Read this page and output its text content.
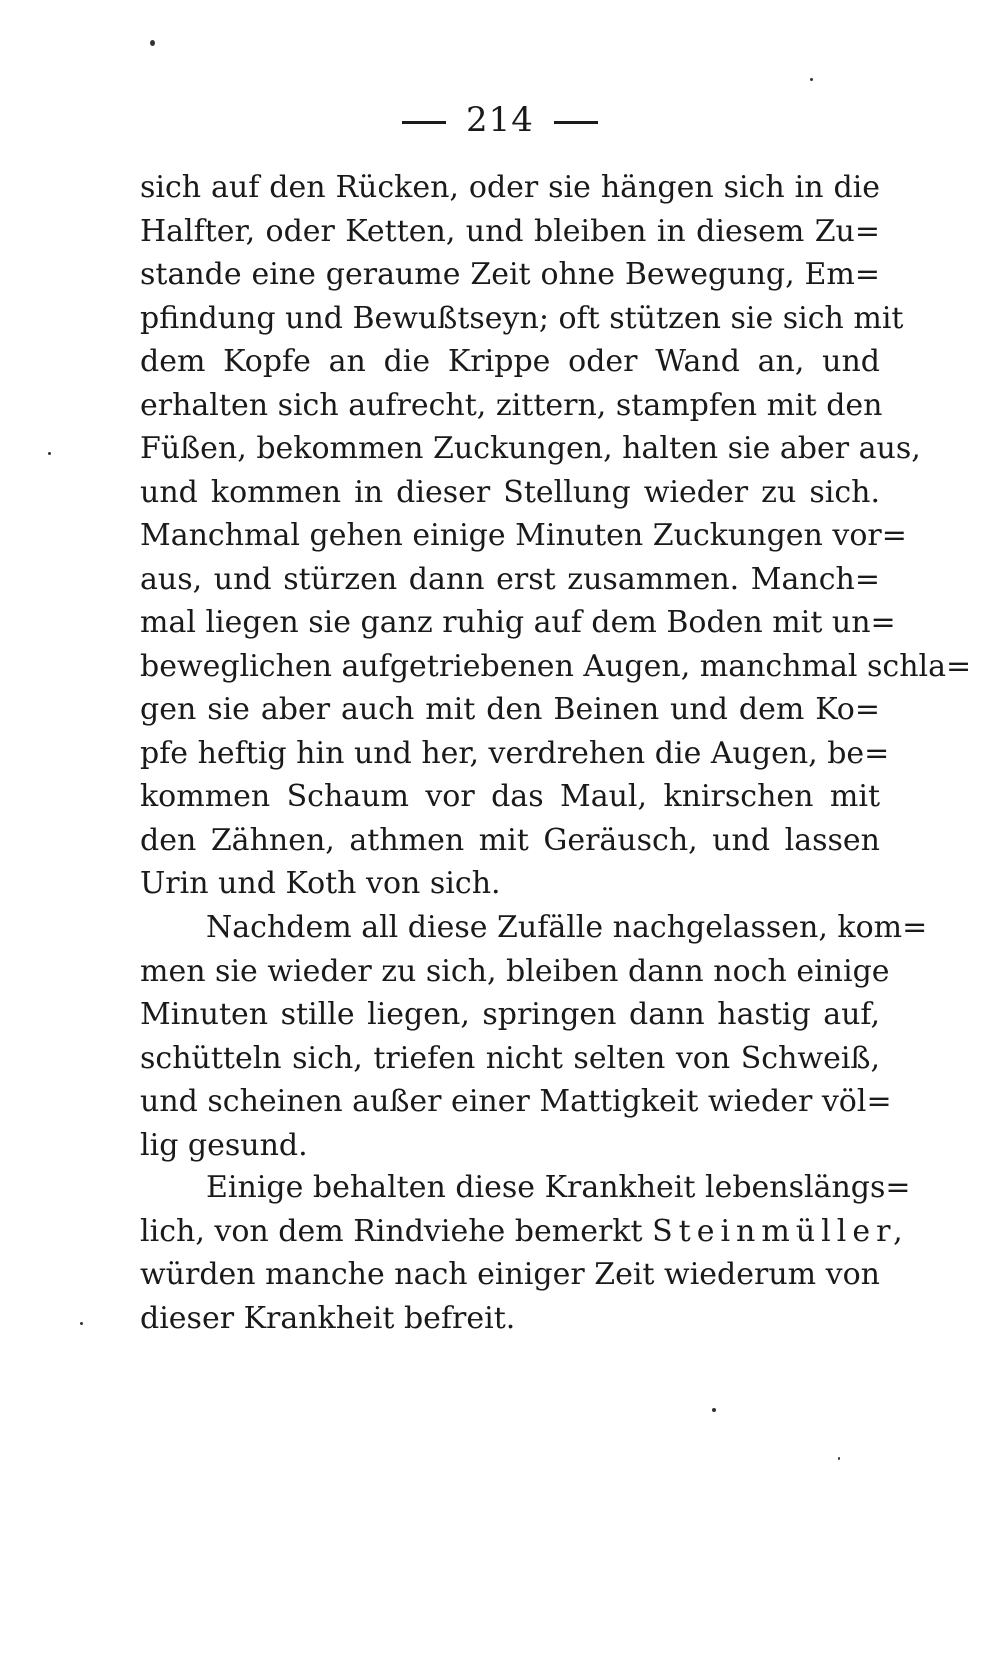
214
sich auf den Rücken, oder sie hängen sich in die
Halfter, oder Ketten, und bleiben in diesem Zu=
stande eine geraume Zeit ohne Bewegung, Em=
pfindung und Bewußtseyn; oft stützen sie sich mit
dem Kopfe an die Krippe oder Wand an, und
erhalten sich aufrecht, zittern, stampfen mit den
Füßen, bekommen Zuckungen, halten sie aber aus,
und kommen in dieser Stellung wieder zu sich.
Manchmal gehen einige Minuten Zuckungen vor=
aus, und stürzen dann erst zusammen. Manch=
mal liegen sie ganz ruhig auf dem Boden mit un=
beweglichen aufgetriebenen Augen, manchmal schla=
gen sie aber auch mit den Beinen und dem Ko=
pfe heftig hin und her, verdrehen die Augen, be=
kommen Schaum vor das Maul, knirschen mit
den Zähnen, athmen mit Geräusch, und lassen
Urin und Koth von sich.
Nachdem all diese Zufälle nachgelassen, kom=
men sie wieder zu sich, bleiben dann noch einige
Minuten stille liegen, springen dann hastig auf,
schütteln sich, triefen nicht selten von Schweiß,
und scheinen außer einer Mattigkeit wieder völ=
lig gesund.
Einige behalten diese Krankheit lebenslängs=
lich, von dem Rindviehe bemerkt Steinmüller,
würden manche nach einiger Zeit wiederum von
dieser Krankheit befreit.
